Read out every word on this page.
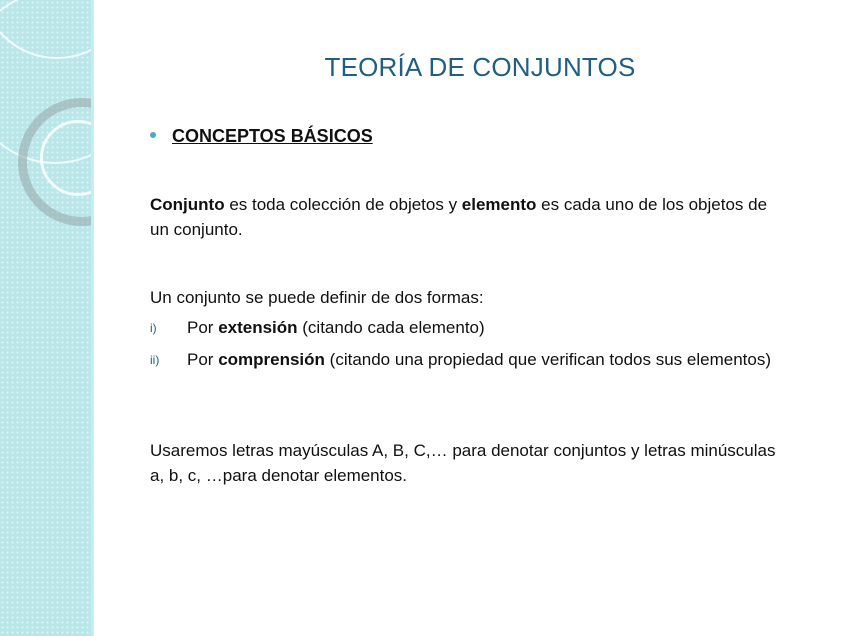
TEORÍA DE CONJUNTOS
CONCEPTOS BÁSICOS
Conjunto es toda colección de objetos y elemento es cada uno de los objetos de un conjunto.
Un conjunto se puede definir de dos formas:
i) Por extensión (citando cada elemento)
ii) Por comprensión (citando una propiedad que verifican todos sus elementos)
Usaremos letras mayúsculas A, B, C,… para denotar conjuntos y letras minúsculas a, b, c, …para denotar elementos.
